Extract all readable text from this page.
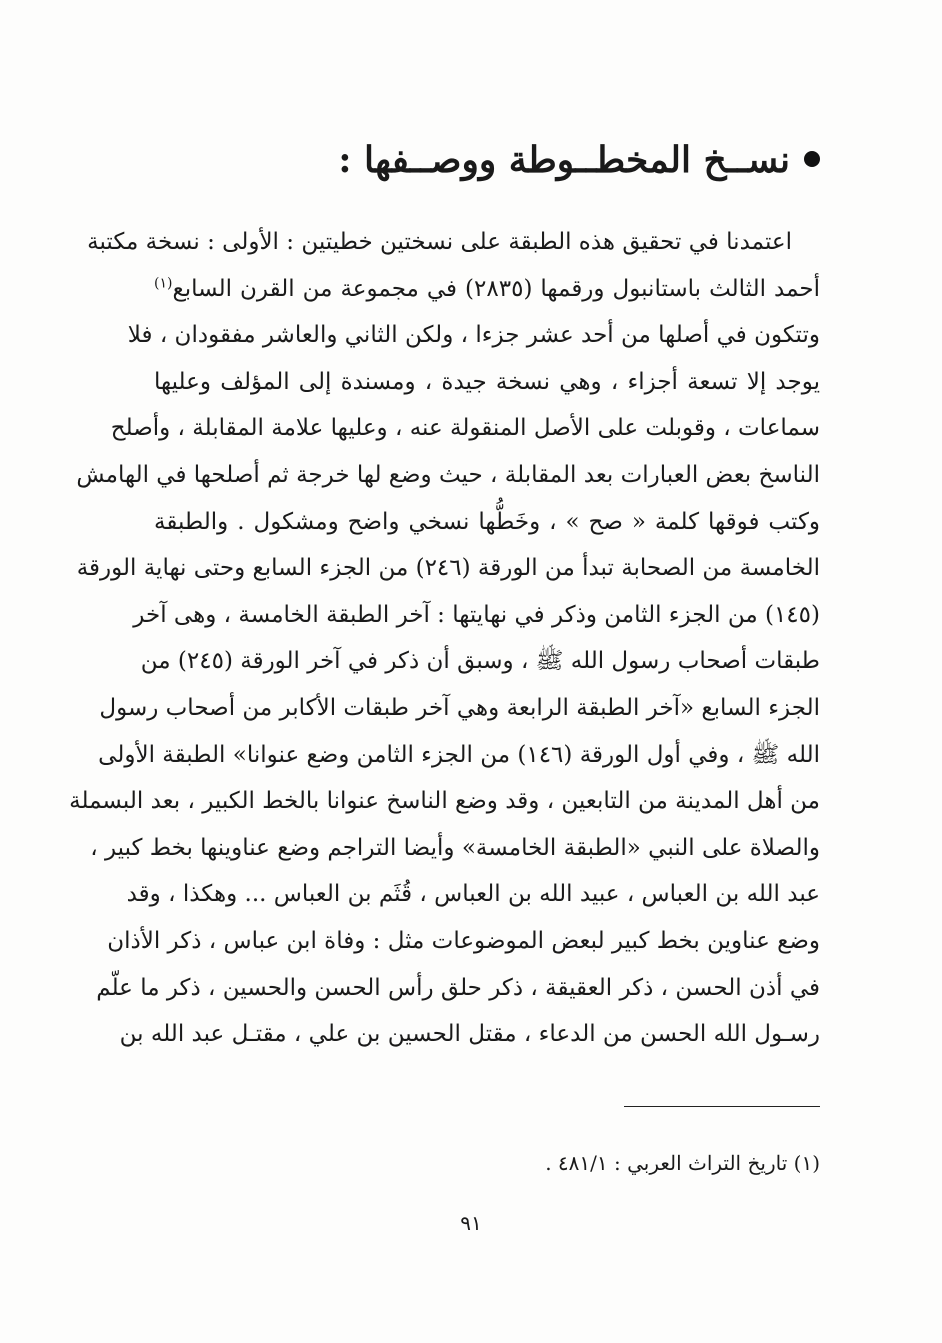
نســخ المخطــوطة ووصــفها :
اعتمدنا في تحقيق هذه الطبقة على نسختين خطيتين : الأولى : نسخة مكتبة
أحمد الثالث باستانبول ورقمها (٢٨٣٥) في مجموعة من القرن السابع$^{(١)}$
وتتكون في أصلها من أحد عشر جزءا ، ولكن الثاني والعاشر مفقودان ، فلا
يوجد إلا تسعة أجزاء ، وهي نسخة جيدة ، ومسندة إلى المؤلف وعليها
سماعات ، وقوبلت على الأصل المنقولة عنه ، وعليها علامة المقابلة ، وأصلح
الناسخ بعض العبارات بعد المقابلة ، حيث وضع لها خرجة ثم أصلحها في الهامش
وكتب فوقها كلمة « صح » ، وخَطُّها نسخي واضح ومشكول . والطبقة
الخامسة من الصحابة تبدأ من الورقة (٢٤٦) من الجزء السابع وحتى نهاية الورقة
(١٤٥) من الجزء الثامن وذكر في نهايتها : آخر الطبقة الخامسة ، وهى آخر
طبقات أصحاب رسول الله ﷺ ، وسبق أن ذكر في آخر الورقة (٢٤٥) من
الجزء السابع «آخر الطبقة الرابعة وهي آخر طبقات الأكابر من أصحاب رسول
الله ﷺ ، وفي أول الورقة (١٤٦) من الجزء الثامن وضع عنوانا» الطبقة الأولى
من أهل المدينة من التابعين ، وقد وضع الناسخ عنوانا بالخط الكبير ، بعد البسملة
والصلاة على النبي «الطبقة الخامسة» وأيضا التراجم وضع عناوينها بخط كبير ،
عبد الله بن العباس ، عبيد الله بن العباس ، قُثَم بن العباس ... وهكذا ، وقد
وضع عناوين بخط كبير لبعض الموضوعات مثل : وفاة ابن عباس ، ذكر الأذان
في أذن الحسن ، ذكر العقيقة ، ذكر حلق رأس الحسن والحسين ، ذكر ما علّم
رسـول الله الحسن من الدعاء ، مقتل الحسين بن علي ، مقتـل عبد الله بن
(١) تاريخ التراث العربي : ٤٨١/١ .
٩١
